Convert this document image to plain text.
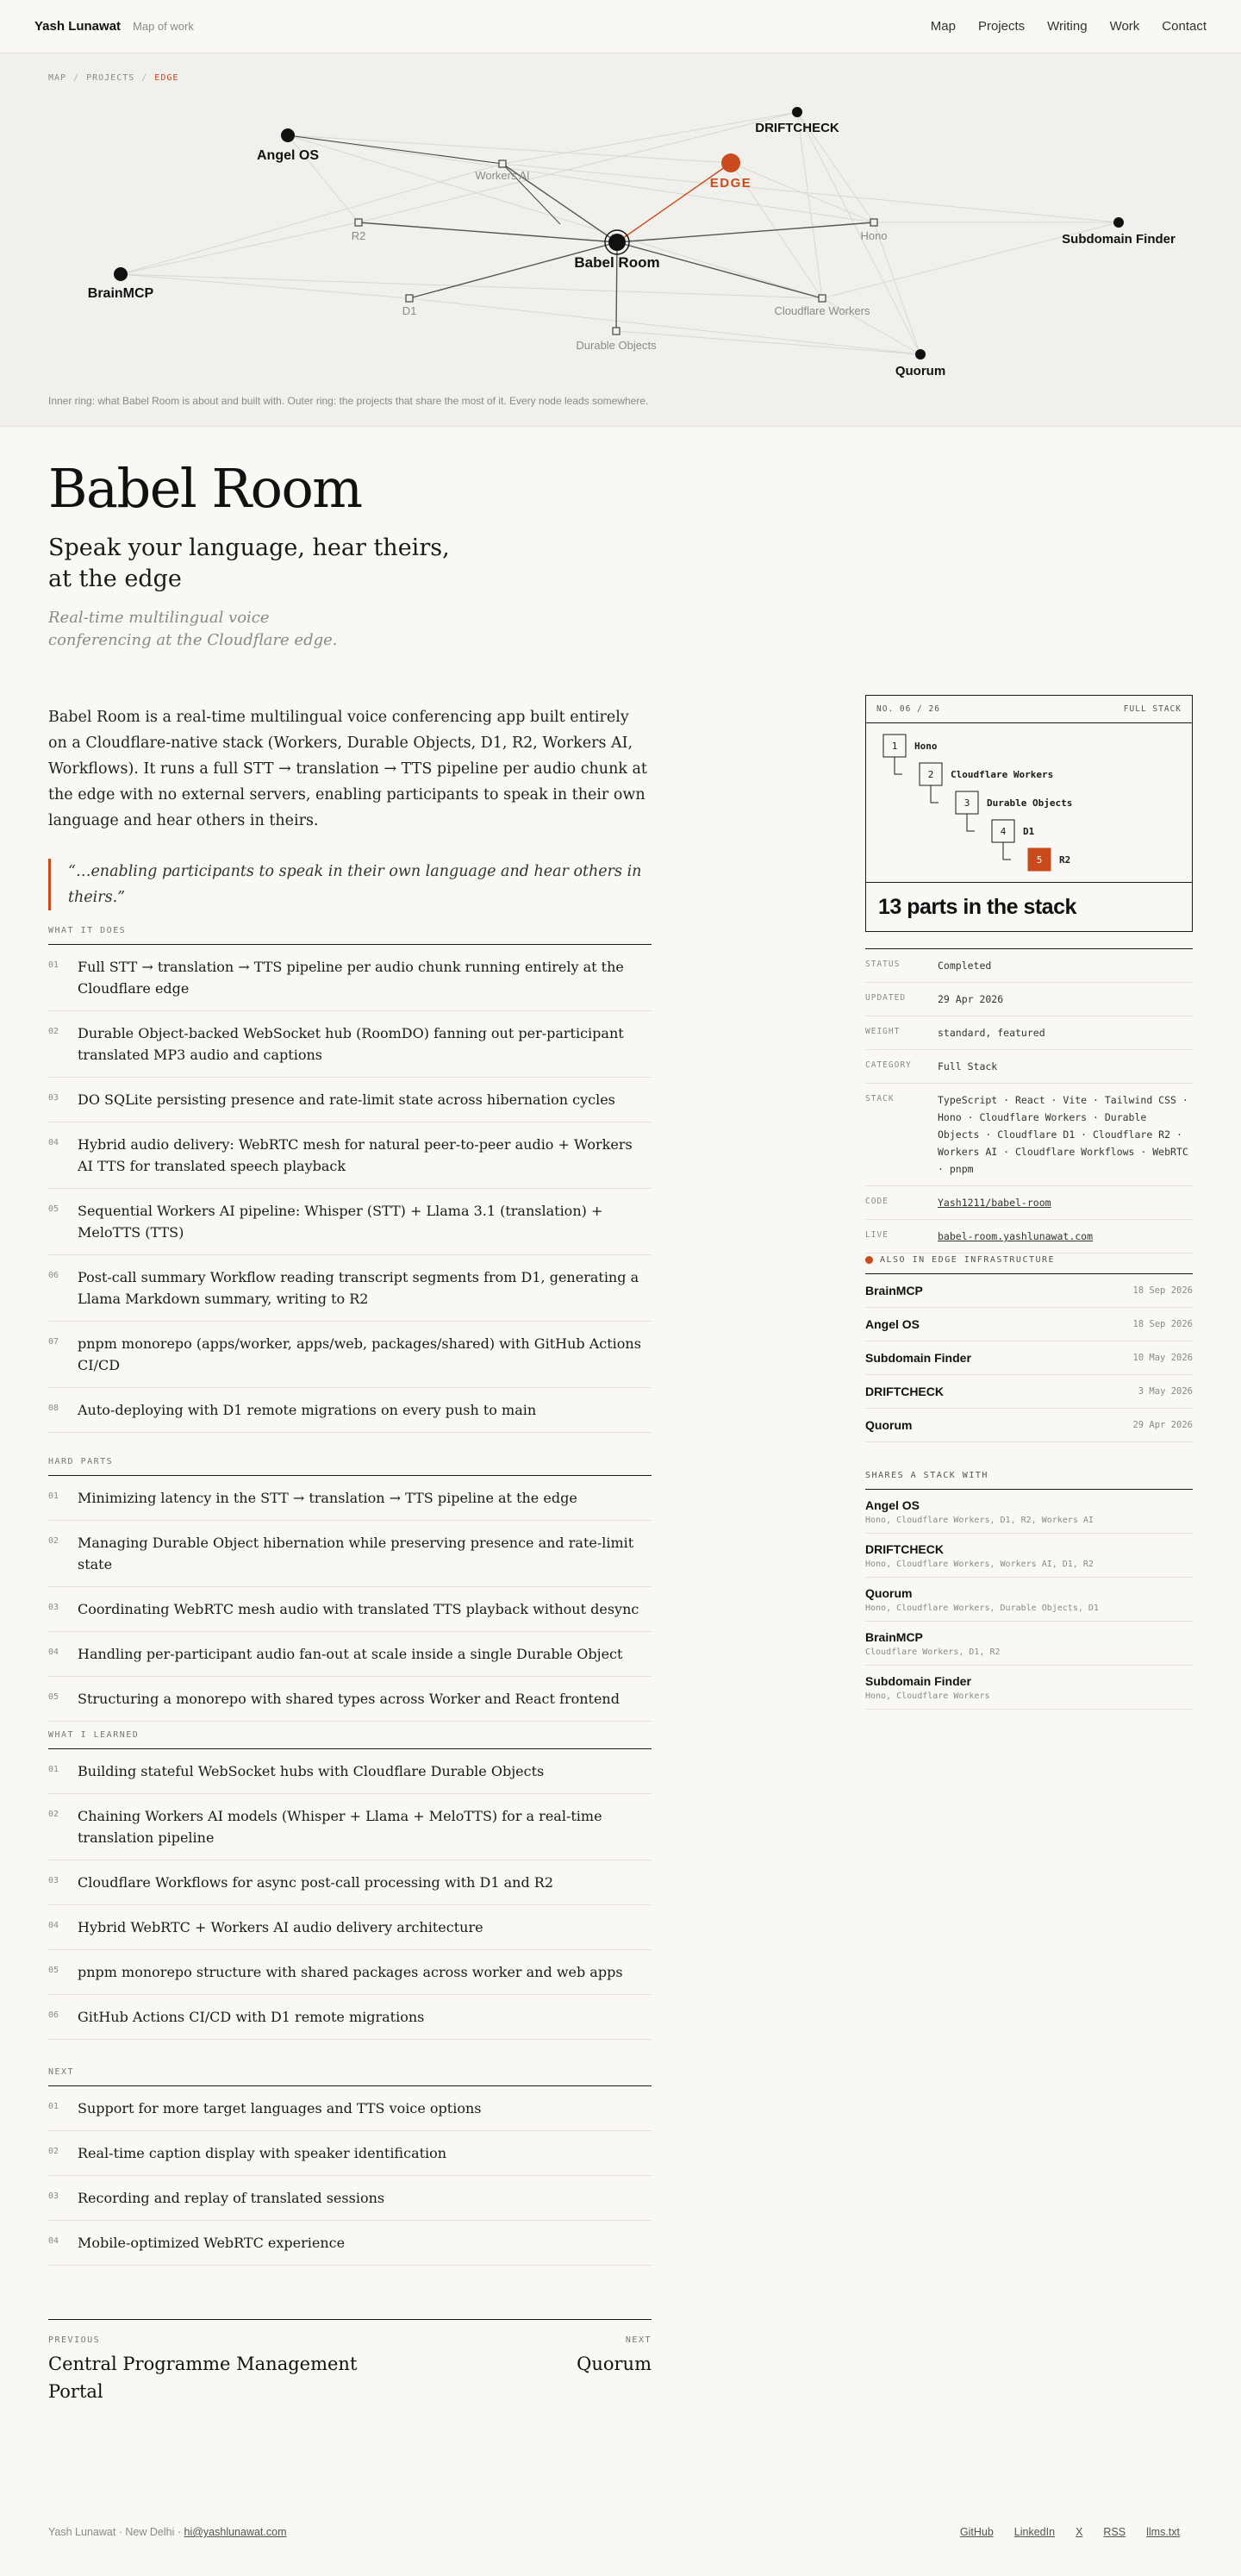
Yash Lunawat Map of work	Map Projects Writing Work Contact
Angel OS
DRIFTCHECK
BrainMCP
Subdomain Finder
Quorum
EDGE
Babel Room
Workers AI
R2
D1
Durable Objects
Cloudflare Workers
Hono
MAP / PROJECTS / EDGE
Inner ring: what Babel Room is about and built with. Outer ring: the projects that share the most of it. Every node leads somewhere.
Babel Room
Speak your language, hear theirs, at the edge
Real-time multilingual voice conferencing at the Cloudflare edge.

Babel Room is a real-time multilingual voice conferencing app built entirely on a Cloudflare-native stack (Workers, Durable Objects, D1, R2, Workers AI, Workflows). It runs a full STT → translation → TTS pipeline per audio chunk at the edge with no external servers, enabling participants to speak in their own language and hear others in theirs.

“…enabling participants to speak in their own language and hear others in theirs.”
WHAT IT DOES
01	Full STT → translation → TTS pipeline per audio chunk running entirely at the Cloudflare edge
02	Durable Object-backed WebSocket hub (RoomDO) fanning out per-participant translated MP3 audio and captions
03	DO SQLite persisting presence and rate-limit state across hibernation cycles
04	Hybrid audio delivery: WebRTC mesh for natural peer-to-peer audio + Workers AI TTS for translated speech playback
05	Sequential Workers AI pipeline: Whisper (STT) + Llama 3.1 (translation) + MeloTTS (TTS)
06	Post-call summary Workflow reading transcript segments from D1, generating a Llama Markdown summary, writing to R2
07	pnpm monorepo (apps/worker, apps/web, packages/shared) with GitHub Actions CI/CD
08	Auto-deploying with D1 remote migrations on every push to main
HARD PARTS
01	Minimizing latency in the STT → translation → TTS pipeline at the edge
02	Managing Durable Object hibernation while preserving presence and rate-limit state
03	Coordinating WebRTC mesh audio with translated TTS playback without desync
04	Handling per-participant audio fan-out at scale inside a single Durable Object
05	Structuring a monorepo with shared types across Worker and React frontend
WHAT I LEARNED
01	Building stateful WebSocket hubs with Cloudflare Durable Objects
02	Chaining Workers AI models (Whisper + Llama + MeloTTS) for a real-time translation pipeline
03	Cloudflare Workflows for async post-call processing with D1 and R2
04	Hybrid WebRTC + Workers AI audio delivery architecture
05	pnpm monorepo structure with shared packages across worker and web apps
06	GitHub Actions CI/CD with D1 remote migrations
NEXT
01	Support for more target languages and TTS voice options
02	Real-time caption display with speaker identification
03	Recording and replay of translated sessions
04	Mobile-optimized WebRTC experience
PREVIOUS
Central Programme Management Portal
NEXT
Quorum
NO. 06 / 26	FULL STACK
1 Hono
2 Cloudflare Workers
3 Durable Objects
4 D1
5 R2
13 parts in the stack
STATUS	Completed
UPDATED	29 Apr 2026
WEIGHT	standard, featured
CATEGORY	Full Stack
STACK	TypeScript · React · Vite · Tailwind CSS · Hono · Cloudflare Workers · Durable Objects · Cloudflare D1 · Cloudflare R2 · Workers AI · Cloudflare Workflows · WebRTC · pnpm
CODE	Yash1211/babel-room
LIVE	babel-room.yashlunawat.com
ALSO IN EDGE INFRASTRUCTURE
BrainMCP	18 Sep 2026
Angel OS	18 Sep 2026
Subdomain Finder	10 May 2026
DRIFTCHECK	3 May 2026
Quorum	29 Apr 2026
SHARES A STACK WITH
Angel OS
Hono, Cloudflare Workers, D1, R2, Workers AI
DRIFTCHECK
Hono, Cloudflare Workers, Workers AI, D1, R2
Quorum
Hono, Cloudflare Workers, Durable Objects, D1
BrainMCP
Cloudflare Workers, D1, R2
Subdomain Finder
Hono, Cloudflare Workers
Yash Lunawat · New Delhi · hi@yashlunawat.com	GitHub LinkedIn X RSS llms.txt
